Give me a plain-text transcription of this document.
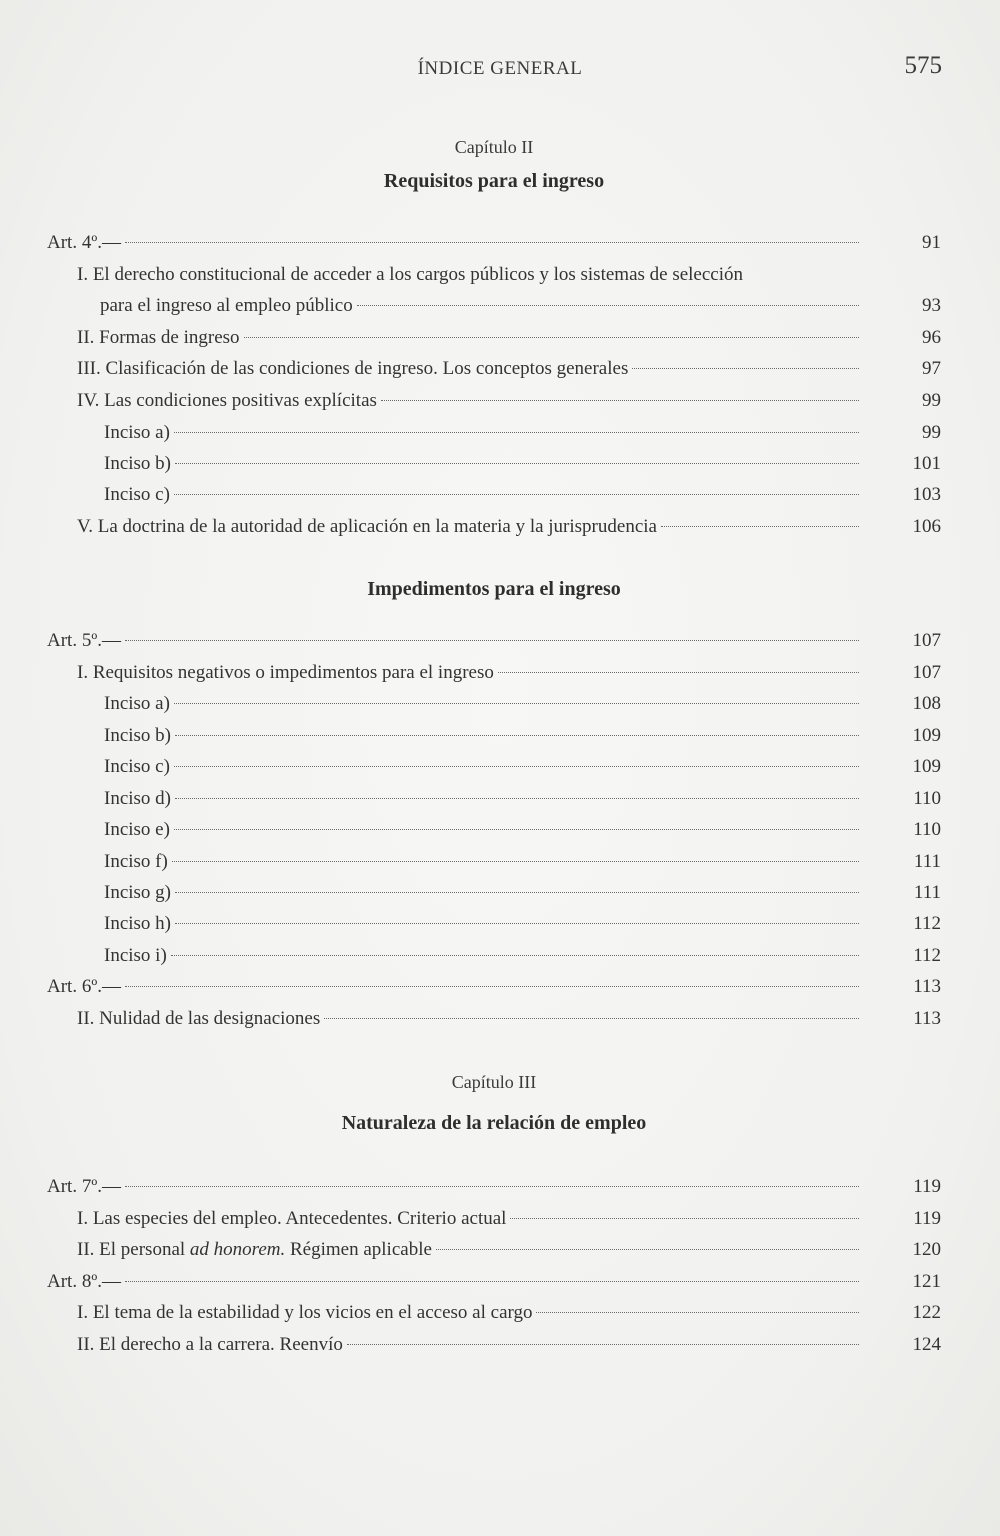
ÍNDICE GENERAL	575
Capítulo II
Requisitos para el ingreso
Art. 4º.—	91
I. El derecho constitucional de acceder a los cargos públicos y los sistemas de selección
para el ingreso al empleo público	93
II. Formas de ingreso	96
III. Clasificación de las condiciones de ingreso. Los conceptos generales	97
IV. Las condiciones positivas explícitas	99
Inciso a)	99
Inciso b)	101
Inciso c)	103
V. La doctrina de la autoridad de aplicación en la materia y la jurisprudencia	106
Impedimentos para el ingreso
Art. 5º.—	107
I. Requisitos negativos o impedimentos para el ingreso	107
Inciso a)	108
Inciso b)	109
Inciso c)	109
Inciso d)	110
Inciso e)	110
Inciso f)	111
Inciso g)	111
Inciso h)	112
Inciso i)	112
Art. 6º.—	113
II. Nulidad de las designaciones	113
Capítulo III
Naturaleza de la relación de empleo
Art. 7º.—	119
I. Las especies del empleo. Antecedentes. Criterio actual	119
II. El personal ad honorem. Régimen aplicable	120
Art. 8º.—	121
I. El tema de la estabilidad y los vicios en el acceso al cargo	122
II. El derecho a la carrera. Reenvío	124
